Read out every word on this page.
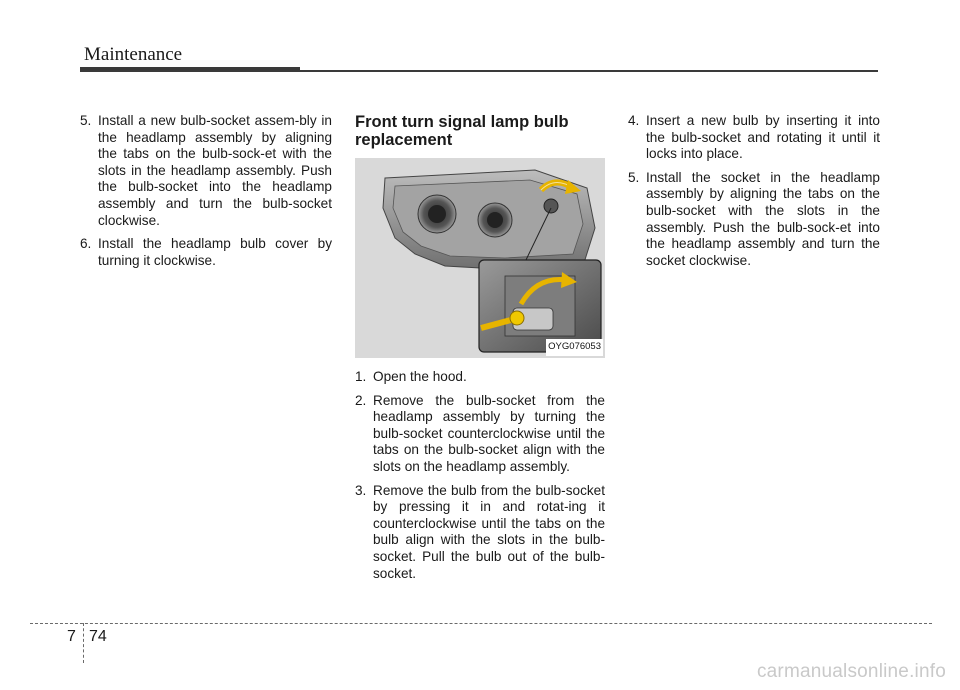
Maintenance
5. Install a new bulb-socket assem-bly in the headlamp assembly by aligning the tabs on the bulb-sock-et with the slots in the headlamp assembly. Push the bulb-socket into the headlamp assembly and turn the bulb-socket clockwise.
6. Install the headlamp bulb cover by turning it clockwise.
Front turn signal lamp bulb replacement
OYG076053
1. Open the hood.
2. Remove the bulb-socket from the headlamp assembly by turning the bulb-socket counterclockwise until the tabs on the bulb-socket align with the slots on the headlamp assembly.
3. Remove the bulb from the bulb-socket by pressing it in and rotat-ing it counterclockwise until the tabs on the bulb align with the slots in the bulb-socket. Pull the bulb out of the bulb-socket.
4. Insert a new bulb by inserting it into the bulb-socket and rotating it until it locks into place.
5. Install the socket in the headlamp assembly by aligning the tabs on the bulb-socket with the slots in the assembly. Push the bulb-sock-et into the headlamp assembly and turn the socket clockwise.
7 74
carmanualsonline.info
